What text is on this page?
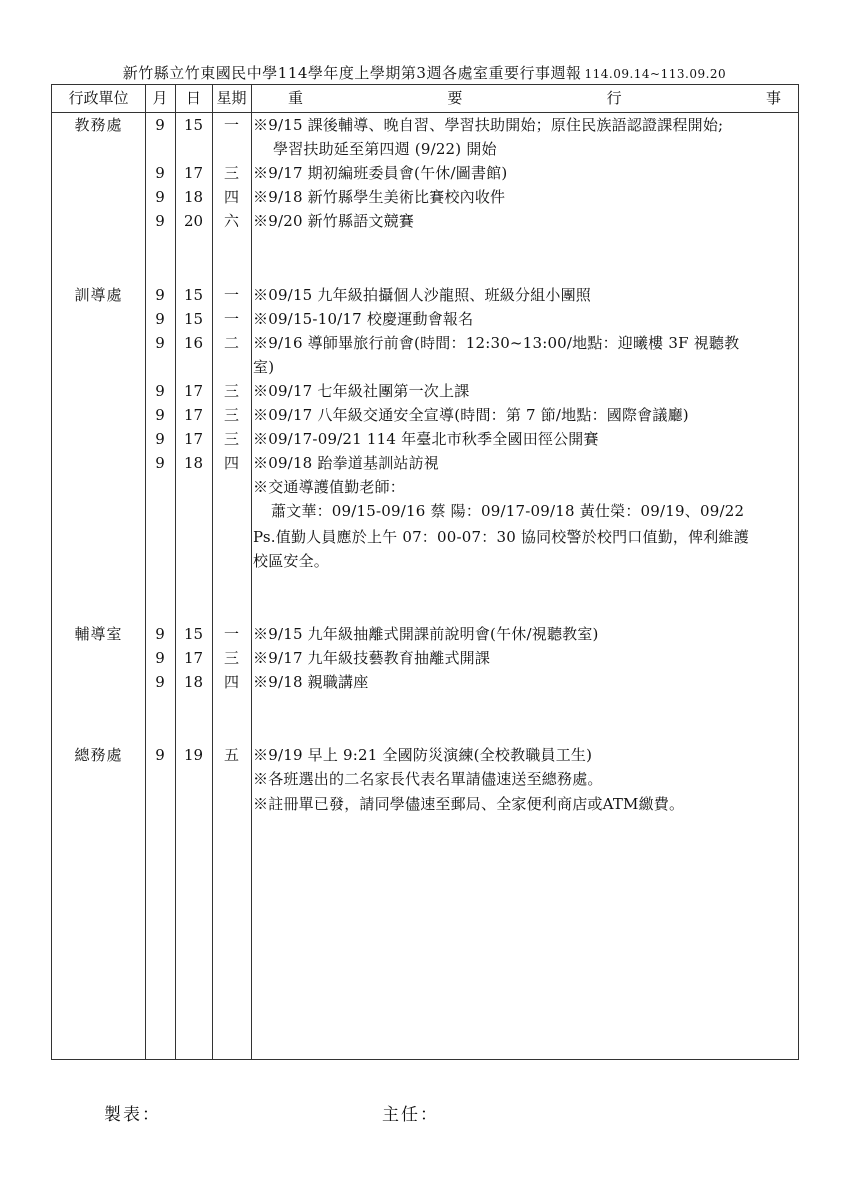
新竹縣立竹東國民中學114學年度上學期第3週各處室重要行事週報 114.09.14~113.09.20
行政單位	月	日	星期	重	要	行	事
教務處	9	15	一 ※9/15 課後輔導、晚自習、學習扶助開始；原住民族語認證課程開始;
學習扶助延至第四週 (9/22) 開始
9	17	三 ※9/17 期初編班委員會(午休/圖書館)
9	18	四 ※9/18 新竹縣學生美術比賽校內收件
9	20	六 ※9/20 新竹縣語文競賽
訓導處	9	15	一 ※09/15 九年級拍攝個人沙龍照、班級分組小團照
9	15	一 ※09/15-10/17 校慶運動會報名
9	16	二 ※9/16 導師畢旅行前會(時間：12:30~13:00/地點：迎曦樓 3F 視聽教
室)
9	17	三 ※09/17 七年級社團第一次上課
9	17	三 ※09/17 八年級交通安全宣導(時間：第 7 節/地點：國際會議廳)
9	17	三 ※09/17-09/21 114 年臺北市秋季全國田徑公開賽
9	18	四 ※09/18 跆拳道基訓站訪視
※交通導護值勤老師：
蕭文華：09/15-09/16 蔡 陽：09/17-09/18 黃仕榮：09/19、09/22
Ps.值勤人員應於上午 07：00-07：30 協同校警於校門口值勤，俾利維護
校區安全。
輔導室	9	15	一 ※9/15 九年級抽離式開課前說明會(午休/視聽教室)
9	17	三 ※9/17 九年級技藝教育抽離式開課
9	18	四 ※9/18 親職講座
總務處	9	19	五 ※9/19 早上 9:21 全國防災演練(全校教職員工生)
※各班選出的二名家長代表名單請儘速送至總務處。
※註冊單已發，請同學儘速至郵局、全家便利商店或ATM繳費。
製表：	主任：
